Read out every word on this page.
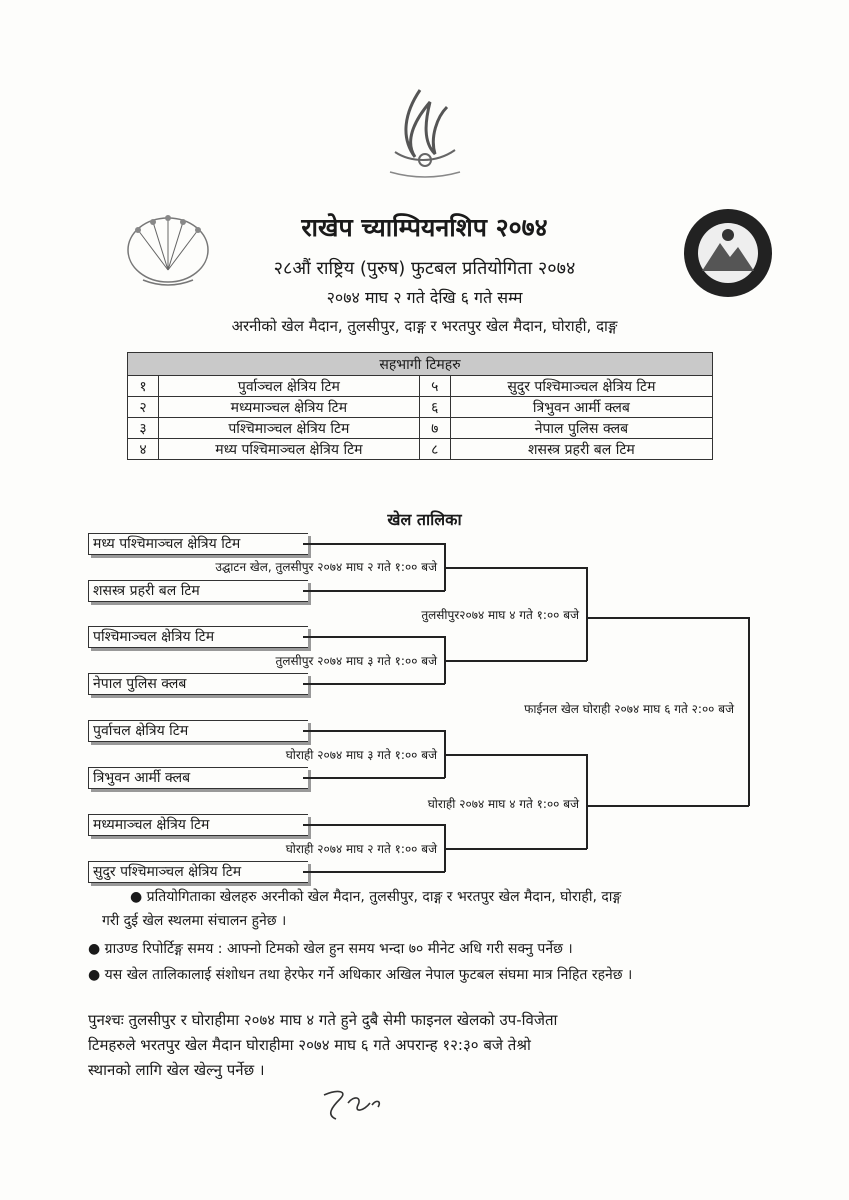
राखेप च्याम्पियनशिप २०७४
२८औं राष्ट्रिय (पुरुष) फुटबल प्रतियोगिता २०७४
२०७४ माघ २ गते देखि ६ गते सम्म
अरनीको खेल मैदान, तुलसीपुर, दाङ्ग र भरतपुर खेल मैदान, घोराही, दाङ्ग
सहभागी टिमहरु			
१	पुर्वाञ्चल क्षेत्रिय टिम	५	सुदुर पश्चिमाञ्चल क्षेत्रिय टिम
२	मध्यमाञ्चल क्षेत्रिय टिम	६	त्रिभुवन आर्मी क्लब
३	पश्चिमाञ्चल क्षेत्रिय टिम	७	नेपाल पुलिस क्लब
४	मध्य पश्चिमाञ्चल क्षेत्रिय टिम	८	शसस्त्र प्रहरी बल टिम
खेल तालिका
मध्य पश्चिमाञ्चल क्षेत्रिय टिम
शसस्त्र प्रहरी बल टिम
पश्चिमाञ्चल क्षेत्रिय टिम
नेपाल पुलिस क्लब
पुर्वाचल क्षेत्रिय टिम
त्रिभुवन आर्मी क्लब
मध्यमाञ्चल क्षेत्रिय टिम
सुदुर पश्चिमाञ्चल क्षेत्रिय टिम
उद्घाटन खेल, तुलसीपुर २०७४ माघ २ गते १:०० बजे
तुलसीपुर २०७४ माघ ३ गते १:०० बजे
घोराही २०७४ माघ ३ गते १:०० बजे
घोराही २०७४ माघ २ गते १:०० बजे
तुलसीपुर२०७४ माघ ४ गते १:०० बजे
घोराही २०७४ माघ ४ गते १:०० बजे
फाईनल खेल घोराही २०७४ माघ ६ गते २:०० बजे
● प्रतियोगिताका खेलहरु अरनीको खेल मैदान, तुलसीपुर, दाङ्ग र भरतपुर खेल मैदान, घोराही, दाङ्ग
गरी दुई खेल स्थलमा संचालन हुनेछ ।
● ग्राउण्ड रिपोर्टिङ्ग समय : आफ्नो टिमको खेल हुन समय भन्दा ७० मीनेट अधि गरी सक्नु पर्नेछ ।
● यस खेल तालिकालाई संशोधन तथा हेरफेर गर्ने अधिकार अखिल नेपाल फुटबल संघमा मात्र निहित रहनेछ ।
पुनश्चः तुलसीपुर र घोराहीमा २०७४ माघ ४ गते हुने दुबै सेमी फाइनल खेलको उप-विजेता
टिमहरुले भरतपुर खेल मैदान घोराहीमा २०७४ माघ ६ गते अपरान्ह १२:३० बजे तेश्रो
स्थानको लागि खेल खेल्नु पर्नेछ ।
